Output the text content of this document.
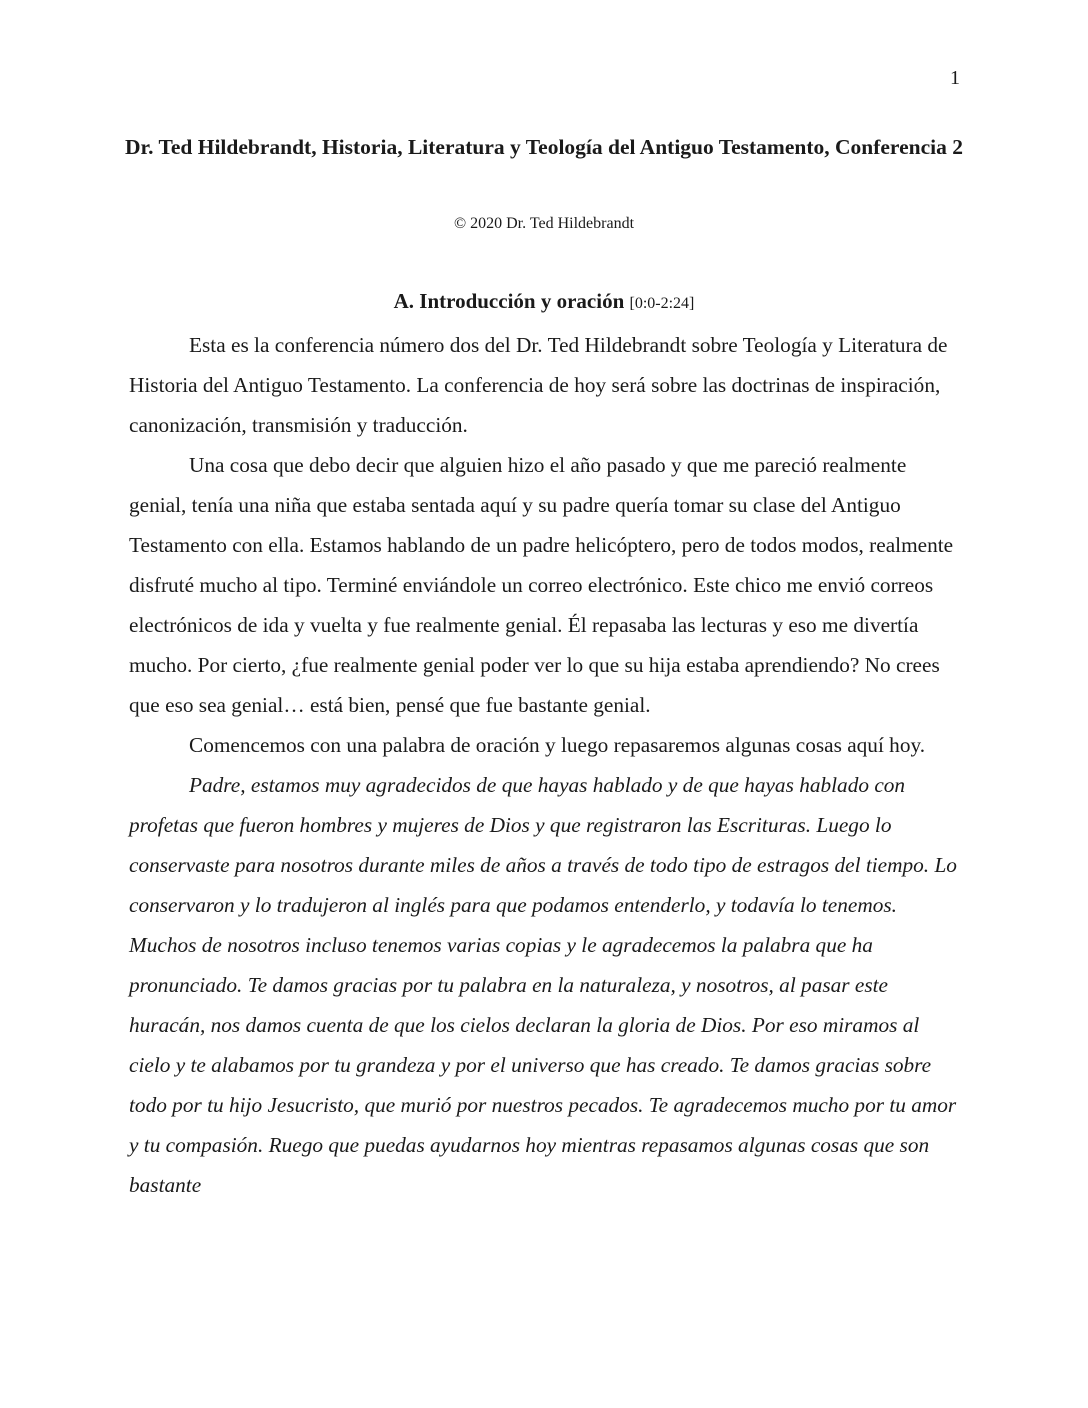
1
Dr. Ted Hildebrandt, Historia, Literatura y Teología del Antiguo Testamento, Conferencia 2
© 2020 Dr. Ted Hildebrandt
A. Introducción y oración [0:0-2:24]

Esta es la conferencia número dos del Dr. Ted Hildebrandt sobre Teología y Literatura de Historia del Antiguo Testamento. La conferencia de hoy será sobre las doctrinas de inspiración, canonización, transmisión y traducción.

Una cosa que debo decir que alguien hizo el año pasado y que me pareció realmente genial, tenía una niña que estaba sentada aquí y su padre quería tomar su clase del Antiguo Testamento con ella. Estamos hablando de un padre helicóptero, pero de todos modos, realmente disfruté mucho al tipo. Terminé enviándole un correo electrónico. Este chico me envió correos electrónicos de ida y vuelta y fue realmente genial. Él repasaba las lecturas y eso me divertía mucho. Por cierto, ¿fue realmente genial poder ver lo que su hija estaba aprendiendo? No crees que eso sea genial… está bien, pensé que fue bastante genial.

Comencemos con una palabra de oración y luego repasaremos algunas cosas aquí hoy.

Padre, estamos muy agradecidos de que hayas hablado y de que hayas hablado con profetas que fueron hombres y mujeres de Dios y que registraron las Escrituras. Luego lo conservaste para nosotros durante miles de años a través de todo tipo de estragos del tiempo. Lo conservaron y lo tradujeron al inglés para que podamos entenderlo, y todavía lo tenemos. Muchos de nosotros incluso tenemos varias copias y le agradecemos la palabra que ha pronunciado. Te damos gracias por tu palabra en la naturaleza, y nosotros, al pasar este huracán, nos damos cuenta de que los cielos declaran la gloria de Dios. Por eso miramos al cielo y te alabamos por tu grandeza y por el universo que has creado. Te damos gracias sobre todo por tu hijo Jesucristo, que murió por nuestros pecados. Te agradecemos mucho por tu amor y tu compasión. Ruego que puedas ayudarnos hoy mientras repasamos algunas cosas que son bastante
